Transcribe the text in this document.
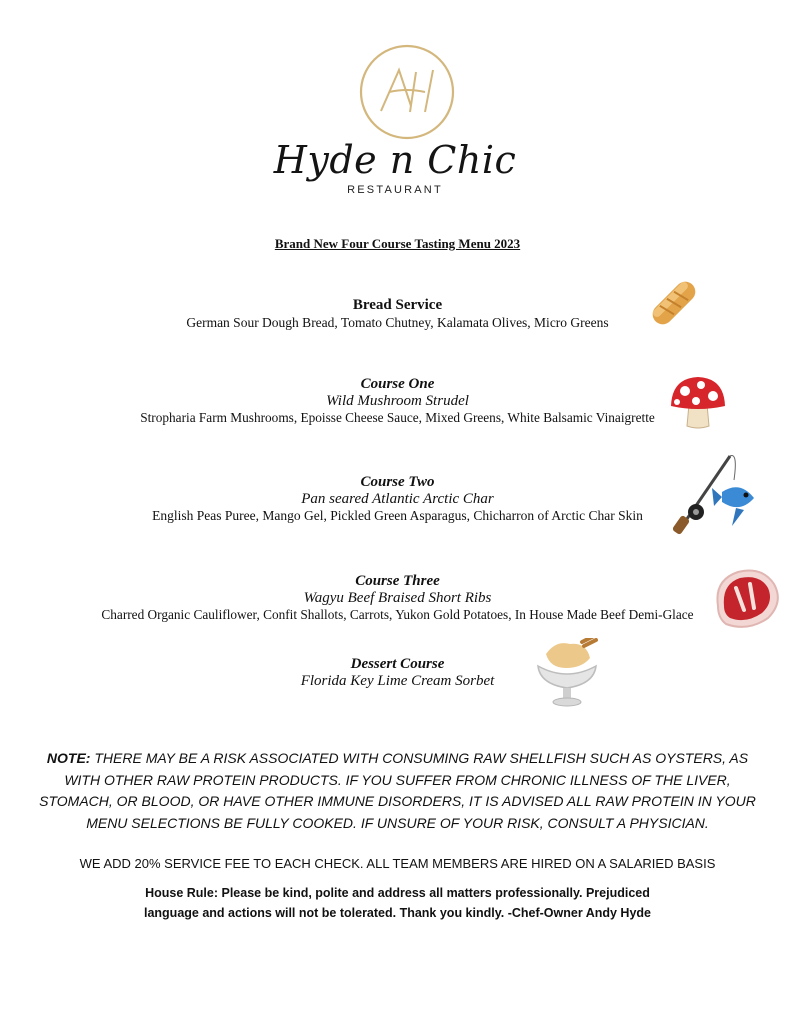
Hyde n Chic
RESTAURANT
Brand New Four Course Tasting Menu 2023
Bread Service
German Sour Dough Bread, Tomato Chutney, Kalamata Olives, Micro Greens
Course One
Wild Mushroom Strudel
Stropharia Farm Mushrooms, Epoisse Cheese Sauce, Mixed Greens, White Balsamic Vinaigrette
Course Two
Pan seared Atlantic Arctic Char
English Peas Puree, Mango Gel, Pickled Green Asparagus, Chicharron of Arctic Char Skin
Course Three
Wagyu Beef Braised Short Ribs
Charred Organic Cauliflower, Confit Shallots, Carrots, Yukon Gold Potatoes, In House Made Beef Demi-Glace
Dessert Course
Florida Key Lime Cream Sorbet
NOTE: THERE MAY BE A RISK ASSOCIATED WITH CONSUMING RAW SHELLFISH SUCH AS OYSTERS, AS WITH OTHER RAW PROTEIN PRODUCTS. IF YOU SUFFER FROM CHRONIC ILLNESS OF THE LIVER, STOMACH, OR BLOOD, OR HAVE OTHER IMMUNE DISORDERS, IT IS ADVISED ALL RAW PROTEIN IN YOUR MENU SELECTIONS BE FULLY COOKED. IF UNSURE OF YOUR RISK, CONSULT A PHYSICIAN.
WE ADD 20% SERVICE FEE TO EACH CHECK. ALL TEAM MEMBERS ARE HIRED ON A SALARIED BASIS
House Rule: Please be kind, polite and address all matters professionally. Prejudiced
language and actions will not be tolerated. Thank you kindly. -Chef-Owner Andy Hyde
